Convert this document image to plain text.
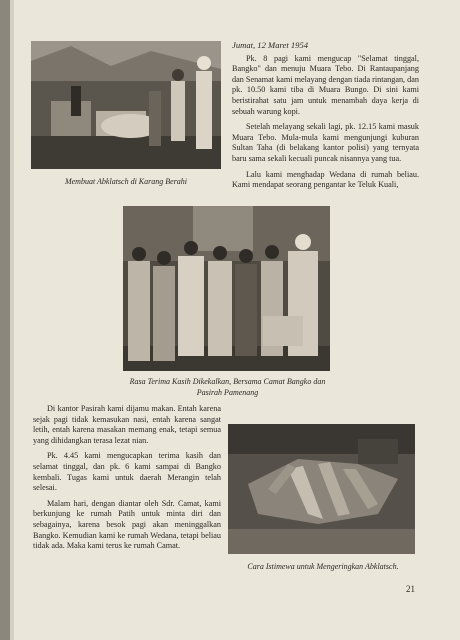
Membuat Abklatsch di Karang Berahi

Jumat, 12 Maret 1954

Pk. 8 pagi kami mengucap "Selamat tinggal, Bangko" dan menuju Muara Tebo. Di Rantaupanjang dan Senamat kami melayang dengan tiada rintangan, dan pk. 10.50 kami tiba di Muara Bungo. Di sini kami beristirahat satu jam untuk menambah daya kerja di sebuah warung kopi.

Setelah melayang sekali lagi, pk. 12.15 kami masuk Muara Tebo. Mula-mula kami mengunjungi kuburan Sultan Taha (di belakang kantor polisi) yang ternyata baru sama sekali kecuali puncak nisannya yang tua.

Lalu kami menghadap Wedana di rumah beliau. Kami mendapat seorang pengantar ke Teluk Kuali,

Rasa Terima Kasih Dikekalkan, Bersama Camat Bangko dan
Pasirah Pamenang

Di kantor Pasirah kami dijamu makan. Entah karena sejak pagi tidak kemasukan nasi, entah karena sangat letih, entah karena masakan memang enak, tetapi semua yang dihidangkan terasa lezat nian.

Pk. 4.45 kami mengucapkan terima kasih dan selamat tinggal, dan pk. 6 kami sampai di Bangko kembali. Tugas kami untuk daerah Merangin telah selesai.

Malam hari, dengan diantar oleh Sdr. Camat, kami berkunjung ke rumah Patih untuk minta diri dan sebagainya, karena besok pagi akan meninggalkan Bangko. Kemudian kami ke rumah Wedana, tetapi beliau tidak ada. Maka kami terus ke rumah Camat.

Cara Istimewa untuk Mengeringkan Abklatsch.
21
